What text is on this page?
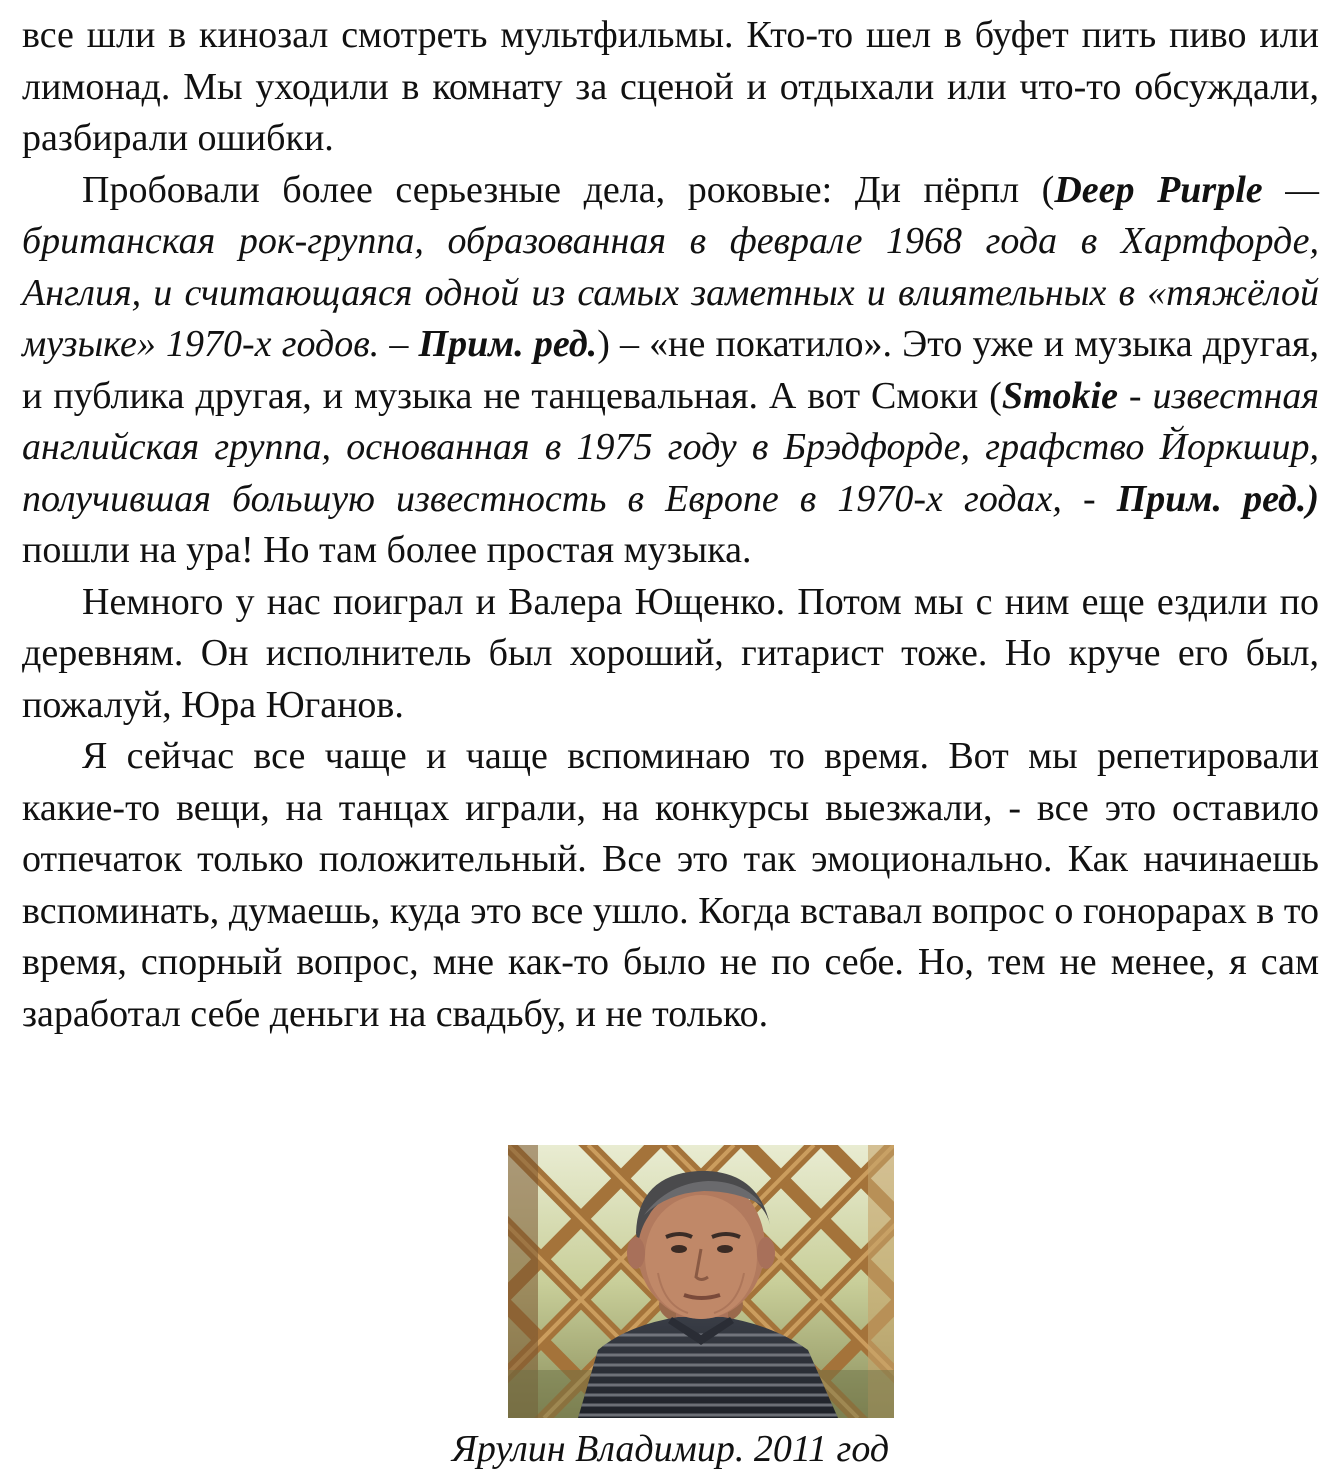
все шли в кинозал смотреть мультфильмы. Кто-то шел в буфет пить пиво или лимонад. Мы уходили в комнату за сценой и отдыхали или что-то обсуждали, разбирали ошибки.

Пробовали более серьезные дела, роковые: Ди пёрпл (Deep Purple — британская рок-группа, образованная в феврале 1968 года в Хартфорде, Англия, и считающаяся одной из самых заметных и влиятельных в «тяжёлой музыке» 1970-х годов. – Прим. ред.) – «не покатило». Это уже и музыка другая, и публика другая, и музыка не танцевальная. А вот Смоки (Smokie - известная английская группа, основанная в 1975 году в Брэдфорде, графство Йоркшир, получившая большую известность в Европе в 1970-х годах, - Прим. ред.) пошли на ура! Но там более простая музыка.

Немного у нас поиграл и Валера Ющенко. Потом мы с ним еще ездили по деревням. Он исполнитель был хороший, гитарист тоже. Но круче его был, пожалуй, Юра Юганов.

Я сейчас все чаще и чаще вспоминаю то время. Вот мы репетировали какие-то вещи, на танцах играли, на конкурсы выезжали, - все это оставило отпечаток только положительный. Все это так эмоционально. Как начинаешь вспоминать, думаешь, куда это все ушло. Когда вставал вопрос о гонорарах в то время, спорный вопрос, мне как-то было не по себе. Но, тем не менее, я сам заработал себе деньги на свадьбу, и не только.

Ярулин Владимир. 2011 год
